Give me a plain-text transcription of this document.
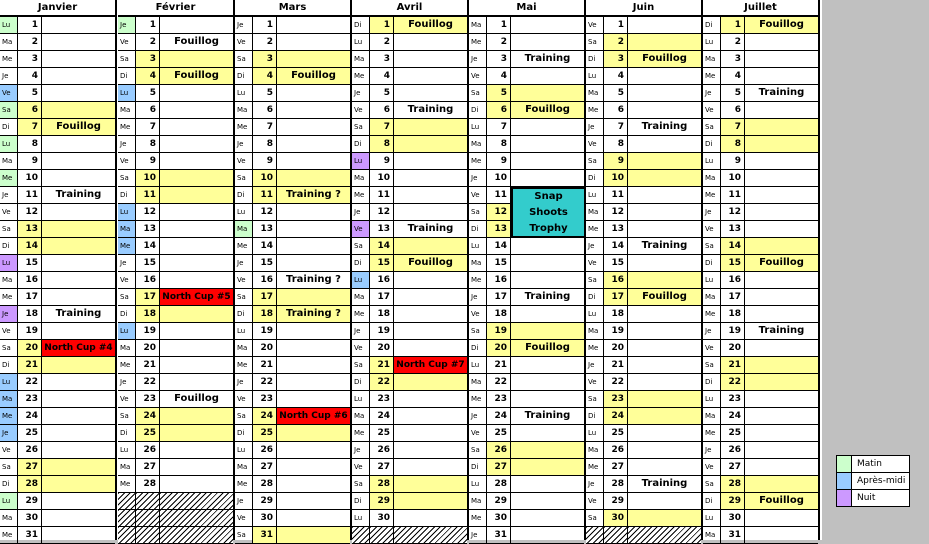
Janvier
Lu	1
Ma	2
Me	3
Je	4
Ve	5
Sa	6
Di	7	Fouillog
Lu	8
Ma	9
Me	10
Je	11	Training
Ve	12
Sa	13
Di	14
Lu	15
Ma	16
Me	17
Je	18	Training
Ve	19
Sa	20 North Cup #4
Di	21
Lu	22
Ma	23
Me	24
Je	25
Ve	26
Sa	27
Di	28
Lu	29
Ma	30
Me	31
Février
Je	1
Ve	2	Fouillog
Sa	3
Di	4	Fouillog
Lu	5
Ma	6
Me	7
Je	8
Ve	9
Sa	10
Di	11
Lu	12
Ma	13
Me	14
Je	15
Ve	16
Sa	17 North Cup #5
Di	18
Lu	19
Ma	20
Me	21
Je	22
Ve	23	Fouillog
Sa	24
Di	25
Lu	26
Ma	27
Me	28
Mars
Je	1
Ve	2
Sa	3
Di	4	Fouillog
Lu	5
Ma	6
Me	7
Je	8
Ve	9
Sa	10
Di	11	Training ?
Lu	12
Ma	13
Me	14
Je	15
Ve	16	Training ?
Sa	17
Di	18	Training ?
Lu	19
Ma	20
Me	21
Je	22
Ve	23
Sa	24 North Cup #6
Di	25
Lu	26
Ma	27
Me	28
Je	29
Ve	30
Sa	31
Avril
Di	1	Fouillog
Lu	2
Ma	3
Me	4
Je	5
Ve	6	Training
Sa	7
Di	8
Lu	9
Ma	10
Me	11
Je	12
Ve	13	Training
Sa	14
Di	15	Fouillog
Lu	16
Ma	17
Me	18
Je	19
Ve	20
Sa	21 North Cup #7
Di	22
Lu	23
Ma	24
Me	25
Je	26
Ve	27
Sa	28
Di	29
Lu	30
Mai
Ma	1
Me	2
Je	3	Training
Ve	4
Sa	5
Di	6	Fouillog
Lu	7
Ma	8
Me	9
Je	10
Ve	11
Sa	12
Di	13
Lu	14
Ma	15
Me	16
Je	17	Training
Ve	18
Sa	19
Di	20	Fouillog
Lu	21
Ma	22
Me	23
Je	24	Training
Ve	25
Sa	26
Di	27
Lu	28
Ma	29
Me	30
Je	31
Juin
Ve	1
Sa	2
Di	3	Fouillog
Lu	4
Ma	5
Me	6
Je	7	Training
Ve	8
Sa	9
Di	10
Lu	11
Ma	12
Me	13
Je	14	Training
Ve	15
Sa	16
Di	17	Fouillog
Lu	18
Ma	19
Me	20
Je	21
Ve	22
Sa	23
Di	24
Lu	25
Ma	26
Me	27
Je	28	Training
Ve	29
Sa	30
Juillet
Di	1	Fouillog
Lu	2
Ma	3
Me	4
Je	5	Training
Ve	6
Sa	7
Di	8
Lu	9
Ma	10
Me	11
Je	12
Ve	13
Sa	14
Di	15	Fouillog
Lu	16
Ma	17
Me	18
Je	19	Training
Ve	20
Sa	21
Di	22
Lu	23
Ma	24
Me	25
Je	26
Ve	27
Sa	28
Di	29	Fouillog
Lu	30
Ma	31
Snap
Shoots
Trophy
Matin
Après-midi
Nuit
